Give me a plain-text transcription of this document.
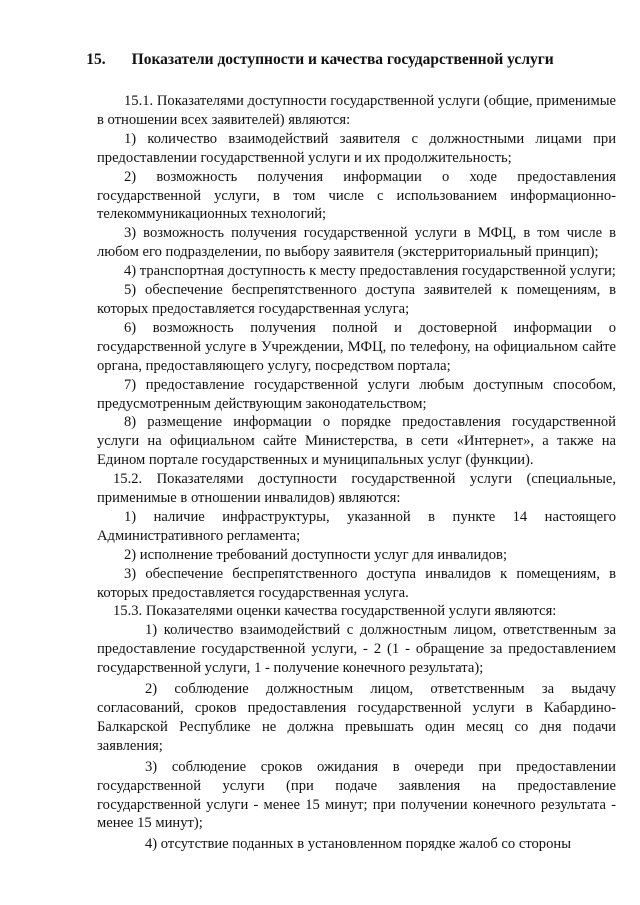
15. Показатели доступности и качества государственной услуги

15.1. Показателями доступности государственной услуги (общие, применимые в отношении всех заявителей) являются:

1) количество взаимодействий заявителя с должностными лицами при предоставлении государственной услуги и их продолжительность;

2) возможность получения информации о ходе предоставления государственной услуги, в том числе с использованием информационно-телекоммуникационных технологий;

3) возможность получения государственной услуги в МФЦ, в том числе в любом его подразделении, по выбору заявителя (экстерриториальный принцип);

4) транспортная доступность к месту предоставления государственной услуги;

5) обеспечение беспрепятственного доступа заявителей к помещениям, в которых предоставляется государственная услуга;

6) возможность получения полной и достоверной информации о государственной услуге в Учреждении, МФЦ, по телефону, на официальном сайте органа, предоставляющего услугу, посредством портала;

7) предоставление государственной услуги любым доступным способом, предусмотренным действующим законодательством;

8) размещение информации о порядке предоставления государственной услуги на официальном сайте Министерства, в сети «Интернет», а также на Едином портале государственных и муниципальных услуг (функции).

15.2. Показателями доступности государственной услуги (специальные, применимые в отношении инвалидов) являются:

1) наличие инфраструктуры, указанной в пункте 14 настоящего Административного регламента;

2) исполнение требований доступности услуг для инвалидов;

3) обеспечение беспрепятственного доступа инвалидов к помещениям, в которых предоставляется государственная услуга.

15.3. Показателями оценки качества государственной услуги являются:

1) количество взаимодействий с должностным лицом, ответственным за предоставление государственной услуги, - 2 (1 - обращение за предоставлением государственной услуги, 1 - получение конечного результата);

2) соблюдение должностным лицом, ответственным за выдачу согласований, сроков предоставления государственной услуги в Кабардино-Балкарской Республике не должна превышать один месяц со дня подачи заявления;

3) соблюдение сроков ожидания в очереди при предоставлении государственной услуги (при подаче заявления на предоставление государственной услуги - менее 15 минут; при получении конечного результата - менее 15 минут);

4) отсутствие поданных в установленном порядке жалоб со стороны
